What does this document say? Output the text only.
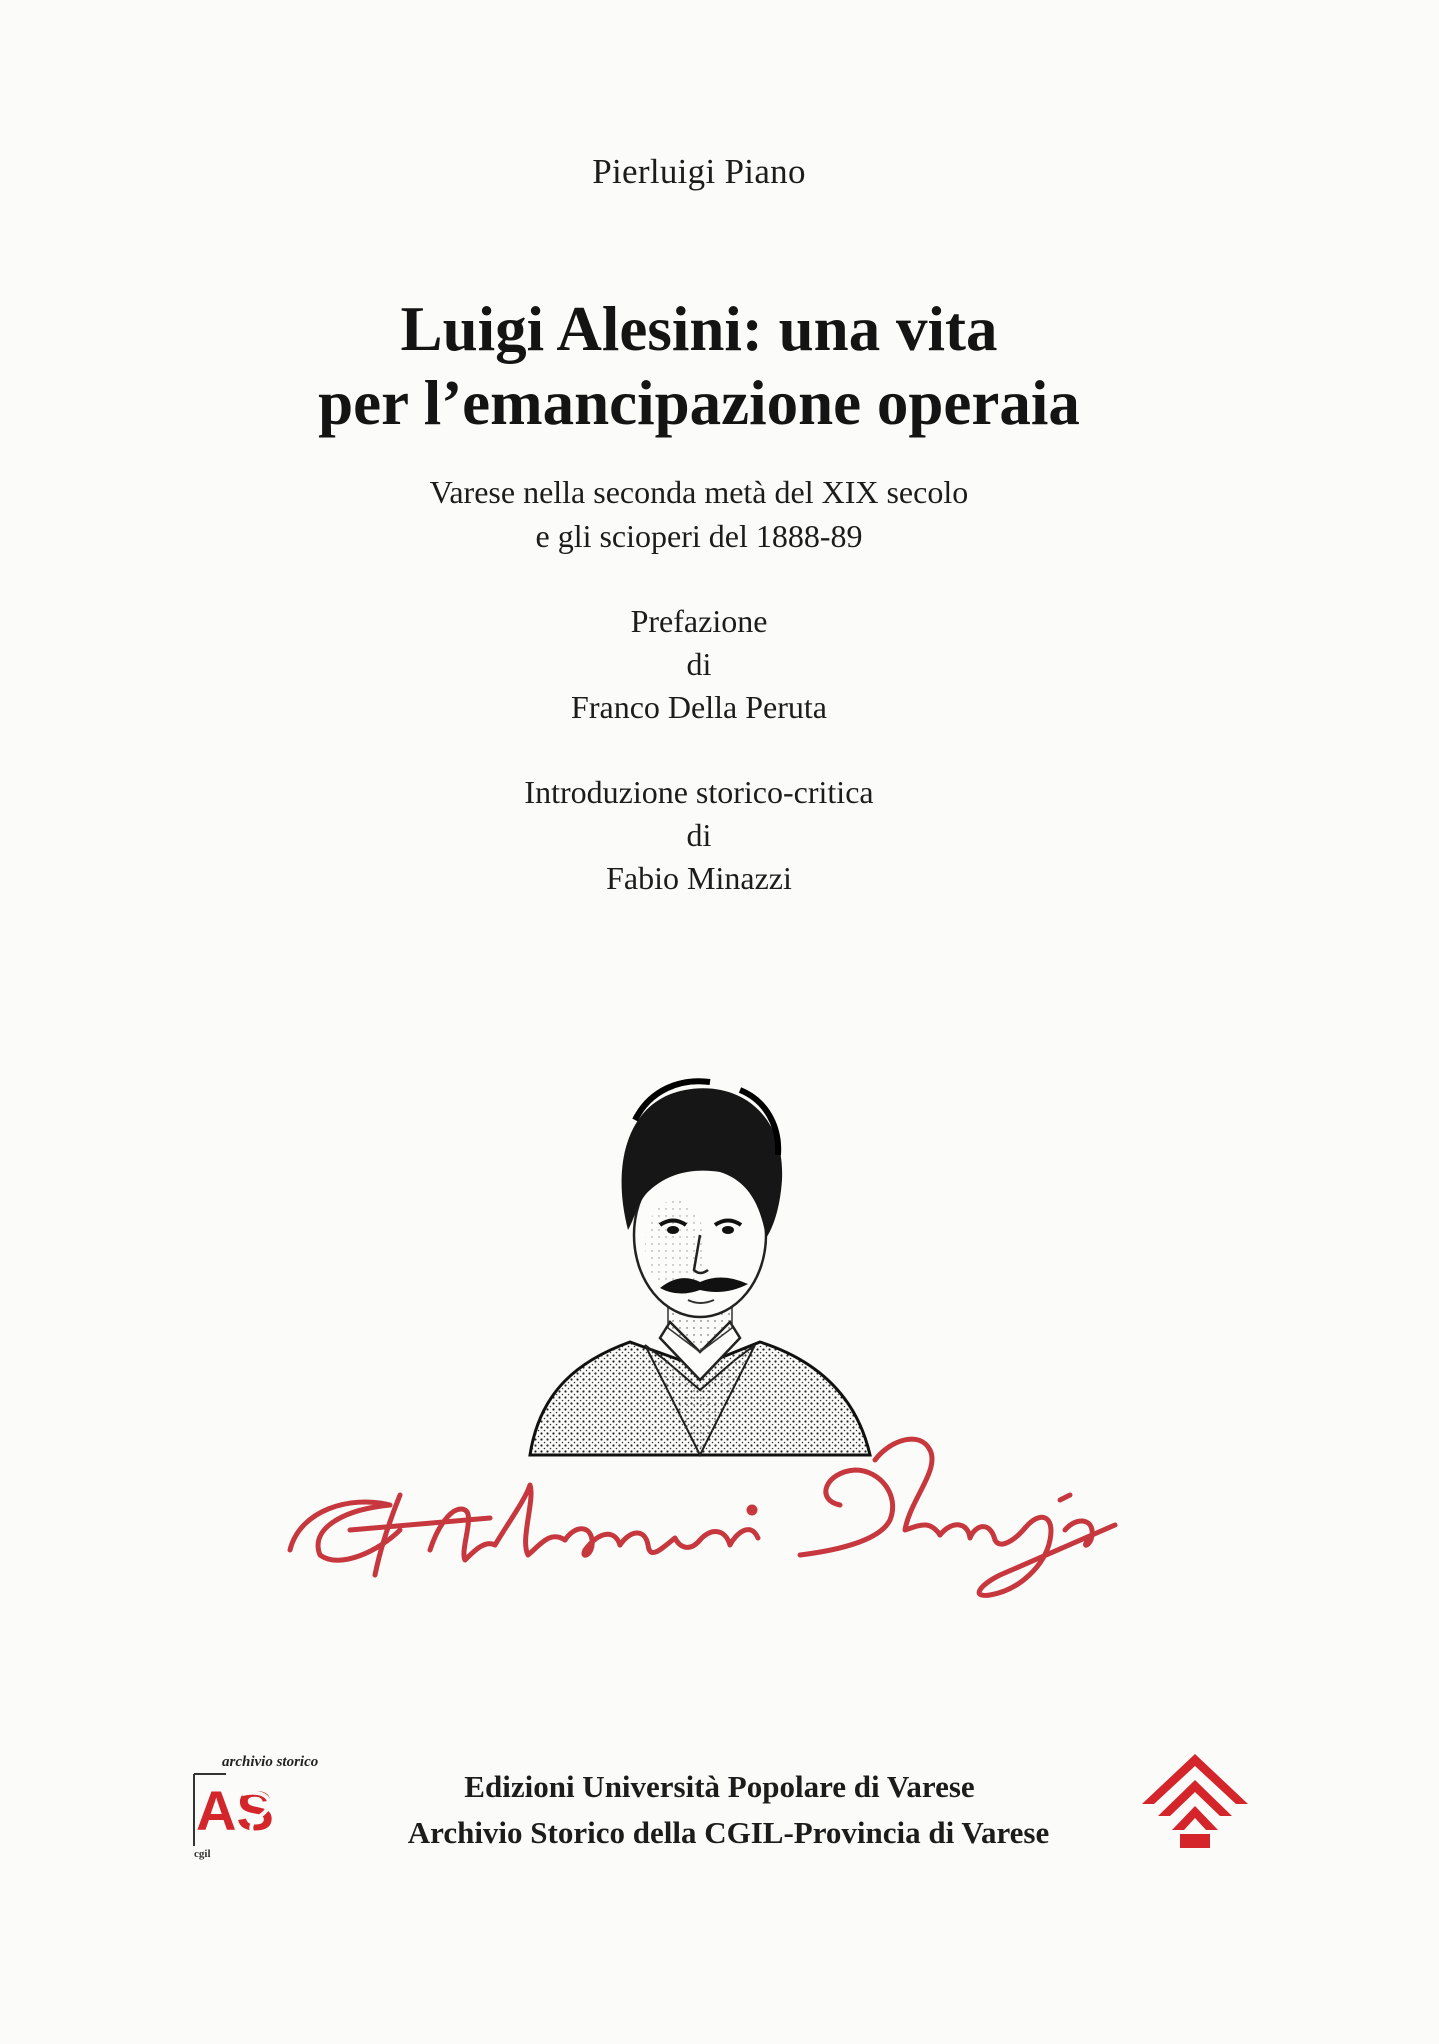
Pierluigi Piano
Luigi Alesini: una vita
per l’emancipazione operaia
Varese nella seconda metà del XIX secolo
e gli scioperi del 1888-89
Prefazione
di
Franco Della Peruta
Introduzione storico-critica
di
Fabio Minazzi
AS
archivio storico
cgil
Edizioni Università Popolare di Varese
Archivio Storico della CGIL-Provincia di Varese
